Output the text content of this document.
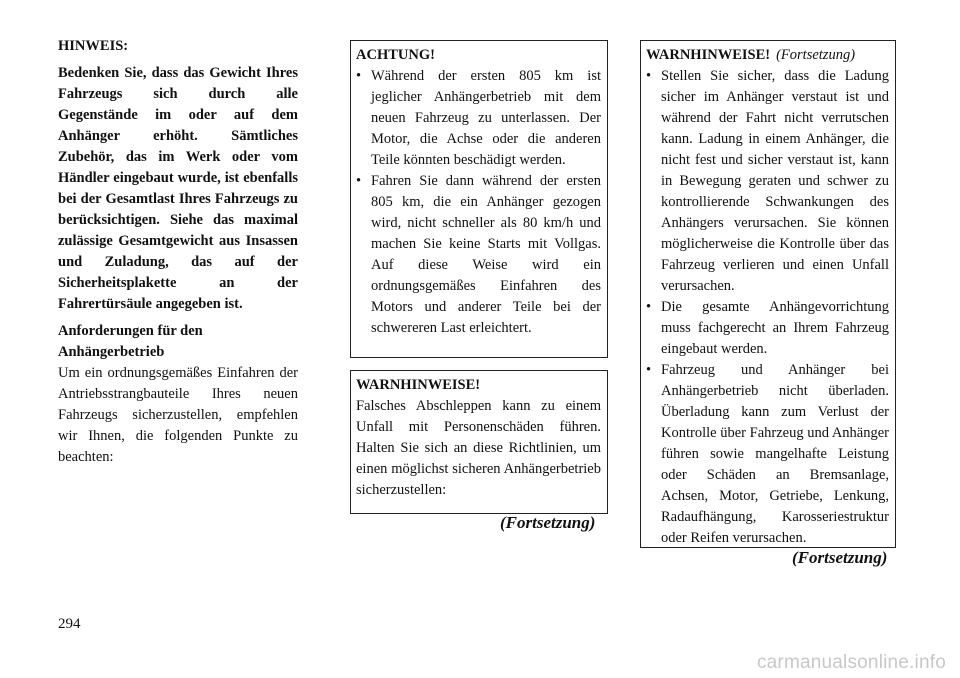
HINWEIS:

Bedenken Sie, dass das Gewicht Ihres Fahrzeugs sich durch alle Gegenstände im oder auf dem Anhänger erhöht. Sämtliches Zubehör, das im Werk oder vom Händler eingebaut wurde, ist ebenfalls bei der Gesamtlast Ihres Fahrzeugs zu berücksichtigen. Siehe das maximal zulässige Gesamtgewicht aus Insassen und Zuladung, das auf der Sicherheitsplakette an der Fahrertürsäule angegeben ist.

Anforderungen für den
Anhängerbetrieb

Um ein ordnungsgemäßes Einfahren der Antriebsstrangbauteile Ihres neuen Fahrzeugs sicherzustellen, empfehlen wir Ihnen, die folgenden Punkte zu beachten:

ACHTUNG!

• Während der ersten 805 km ist jeglicher Anhängerbetrieb mit dem neuen Fahrzeug zu unterlassen. Der Motor, die Achse oder die anderen Teile könnten beschädigt werden.
• Fahren Sie dann während der ersten 805 km, die ein Anhänger gezogen wird, nicht schneller als 80 km/h und machen Sie keine Starts mit Vollgas. Auf diese Weise wird ein ordnungsgemäßes Einfahren des Motors und anderer Teile bei der schwereren Last erleichtert.

WARNHINWEISE!

Falsches Abschleppen kann zu einem Unfall mit Personenschäden führen. Halten Sie sich an diese Richtlinien, um einen möglichst sicheren Anhängerbetrieb sicherzustellen:

(Fortsetzung)

WARNHINWEISE! (Fortsetzung)

• Stellen Sie sicher, dass die Ladung sicher im Anhänger verstaut ist und während der Fahrt nicht verrutschen kann. Ladung in einem Anhänger, die nicht fest und sicher verstaut ist, kann in Bewegung geraten und schwer zu kontrollierende Schwankungen des Anhängers verursachen. Sie können möglicherweise die Kontrolle über das Fahrzeug verlieren und einen Unfall verursachen.
• Die gesamte Anhängevorrichtung muss fachgerecht an Ihrem Fahrzeug eingebaut werden.
• Fahrzeug und Anhänger bei Anhängerbetrieb nicht überladen. Überladung kann zum Verlust der Kontrolle über Fahrzeug und Anhänger führen sowie mangelhafte Leistung oder Schäden an Bremsanlage, Achsen, Motor, Getriebe, Lenkung, Radaufhängung, Karosseriestruktur oder Reifen verursachen.
(Fortsetzung)
294
carmanualsonline.info
